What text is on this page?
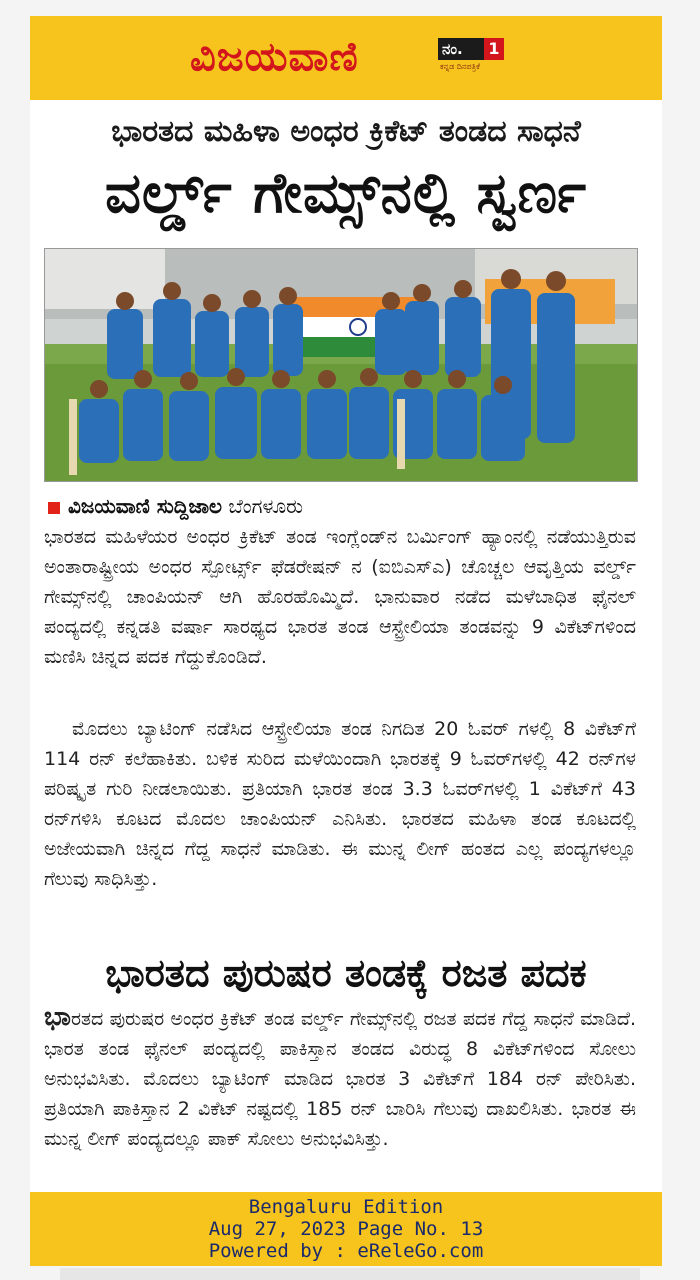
ವಿಜಯವಾಣಿ	ನಂ. 1
ಕನ್ನಡ ದಿನಪತ್ರಿಕೆ
ಭಾರತದ ಮಹಿಳಾ ಅಂಧರ ಕ್ರಿಕೆಟ್ ತಂಡದ ಸಾಧನೆ
ವರ್ಲ್ಡ್ ಗೇಮ್ಸ್‌ನಲ್ಲಿ ಸ್ವರ್ಣ
ವಿಜಯವಾಣಿ ಸುದ್ದಿಜಾಲ ಬೆಂಗಳೂರು

ಭಾರತದ ಮಹಿಳೆಯರ ಅಂಧರ ಕ್ರಿಕೆಟ್ ತಂಡ ಇಂಗ್ಲೆಂಡ್‌ನ ಬರ್ಮಿಂಗ್ ಹ್ಯಾಂನಲ್ಲಿ ನಡೆಯುತ್ತಿರುವ ಅಂತಾರಾಷ್ಟ್ರೀಯ ಅಂಧರ ಸ್ಪೋರ್ಟ್ಸ್ ಫೆಡರೇಷನ್ ನ (ಐಬಿಎಸ್‌ಎ) ಚೊಚ್ಚಲ ಆವೃತ್ತಿಯ ವರ್ಲ್ಡ್ ಗೇಮ್ಸ್‌ನಲ್ಲಿ ಚಾಂಪಿಯನ್ ಆಗಿ ಹೊರಹೊಮ್ಮಿದೆ. ಭಾನುವಾರ ನಡೆದ ಮಳೆಬಾಧಿತ ಫೈನಲ್ ಪಂದ್ಯದಲ್ಲಿ ಕನ್ನಡತಿ ವರ್ಷಾ ಸಾರಥ್ಯದ ಭಾರತ ತಂಡ ಆಸ್ಟ್ರೇಲಿಯಾ ತಂಡವನ್ನು 9 ವಿಕೆಟ್‌ಗಳಿಂದ ಮಣಿಸಿ ಚಿನ್ನದ ಪದಕ ಗೆದ್ದುಕೊಂಡಿದೆ.

ಮೊದಲು ಬ್ಯಾಟಿಂಗ್ ನಡೆಸಿದ ಆಸ್ಟ್ರೇಲಿಯಾ ತಂಡ ನಿಗದಿತ 20 ಓವರ್ ಗಳಲ್ಲಿ 8 ವಿಕೆಟ್‌ಗೆ 114 ರನ್ ಕಲೆಹಾಕಿತು. ಬಳಿಕ ಸುರಿದ ಮಳೆಯಿಂದಾಗಿ ಭಾರತಕ್ಕೆ 9 ಓವರ್‌ಗಳಲ್ಲಿ 42 ರನ್‌ಗಳ ಪರಿಷ್ಕೃತ ಗುರಿ ನೀಡಲಾಯಿತು. ಪ್ರತಿಯಾಗಿ ಭಾರತ ತಂಡ 3.3 ಓವರ್‌ಗಳಲ್ಲಿ 1 ವಿಕೆಟ್‌ಗೆ 43 ರನ್‌ಗಳಿಸಿ ಕೂಟದ ಮೊದಲ ಚಾಂಪಿಯನ್ ಎನಿಸಿತು. ಭಾರತದ ಮಹಿಳಾ ತಂಡ ಕೂಟದಲ್ಲಿ ಅಜೇಯವಾಗಿ ಚಿನ್ನದ ಗೆದ್ದ ಸಾಧನೆ ಮಾಡಿತು. ಈ ಮುನ್ನ ಲೀಗ್ ಹಂತದ ಎಲ್ಲ ಪಂದ್ಯಗಳಲ್ಲೂ ಗೆಲುವು ಸಾಧಿಸಿತ್ತು.

ಭಾರತದ ಪುರುಷರ ತಂಡಕ್ಕೆ ರಜತ ಪದಕ

ಭಾರತದ ಪುರುಷರ ಅಂಧರ ಕ್ರಿಕೆಟ್ ತಂಡ ವರ್ಲ್ಡ್ ಗೇಮ್ಸ್‌ನಲ್ಲಿ ರಜತ ಪದಕ ಗೆದ್ದ ಸಾಧನೆ ಮಾಡಿದೆ. ಭಾರತ ತಂಡ ಫೈನಲ್ ಪಂದ್ಯದಲ್ಲಿ ಪಾಕಿಸ್ತಾನ ತಂಡದ ವಿರುದ್ಧ 8 ವಿಕೆಟ್‌ಗಳಿಂದ ಸೋಲು ಅನುಭವಿಸಿತು. ಮೊದಲು ಬ್ಯಾಟಿಂಗ್ ಮಾಡಿದ ಭಾರತ 3 ವಿಕೆಟ್‌ಗೆ 184 ರನ್ ಪೇರಿಸಿತು. ಪ್ರತಿಯಾಗಿ ಪಾಕಿಸ್ತಾನ 2 ವಿಕೆಟ್ ನಷ್ಟದಲ್ಲಿ 185 ರನ್ ಬಾರಿಸಿ ಗೆಲುವು ದಾಖಲಿಸಿತು. ಭಾರತ ಈ ಮುನ್ನ ಲೀಗ್ ಪಂದ್ಯದಲ್ಲೂ ಪಾಕ್ ಸೋಲು ಅನುಭವಿಸಿತ್ತು.

Bengaluru Edition
Aug 27, 2023 Page No. 13
Powered by : eReleGo.com
